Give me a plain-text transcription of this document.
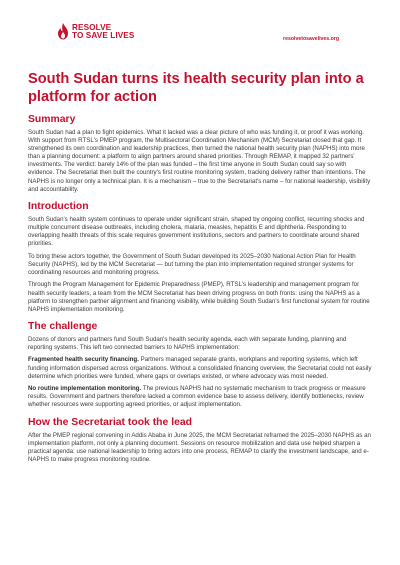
RESOLVE
TO SAVE LIVES	resolvetosavelives.org
South Sudan turns its health security plan into a platform for action
Summary

South Sudan had a plan to fight epidemics. What it lacked was a clear picture of who was funding it, or proof it was working. With support from RTSL's PMEP program, the Multisectoral Coordination Mechanism (MCM) Secretariat closed that gap. It strengthened its own coordination and leadership practices, then turned the national health security plan (NAPHS) into more than a planning document: a platform to align partners around shared priorities. Through REMAP, it mapped 32 partners' investments. The verdict: barely 14% of the plan was funded – the first time anyone in South Sudan could say so with evidence. The Secretariat then built the country's first routine monitoring system, tracking delivery rather than intentions. The NAPHS is no longer only a technical plan. It is a mechanism – true to the Secretariat's name – for national leadership, visibility and accountability.

Introduction

South Sudan's health system continues to operate under significant strain, shaped by ongoing conflict, recurring shocks and multiple concurrent disease outbreaks, including cholera, malaria, measles, hepatitis E and diphtheria. Responding to overlapping health threats of this scale requires government institutions, sectors and partners to coordinate around shared priorities.

To bring these actors together, the Government of South Sudan developed its 2025–2030 National Action Plan for Health Security (NAPHS), led by the MCM Secretariat — but turning the plan into implementation required stronger systems for coordinating resources and monitoring progress.

Through the Program Management for Epidemic Preparedness (PMEP), RTSL's leadership and management program for health security leaders, a team from the MCM Secretariat has been driving progress on both fronts: using the NAPHS as a platform to strengthen partner alignment and financing visibility, while building South Sudan's first functional system for routine NAPHS implementation monitoring.

The challenge

Dozens of donors and partners fund South Sudan's health security agenda, each with separate funding, planning and reporting systems. This left two connected barriers to NAPHS implementation:

Fragmented health security financing. Partners managed separate grants, workplans and reporting systems, which left funding information dispersed across organizations. Without a consolidated financing overview, the Secretariat could not easily determine which priorities were funded, where gaps or overlaps existed, or where advocacy was most needed.

No routine implementation monitoring. The previous NAPHS had no systematic mechanism to track progress or measure results. Government and partners therefore lacked a common evidence base to assess delivery, identify bottlenecks, review whether resources were supporting agreed priorities, or adjust implementation.

How the Secretariat took the lead

After the PMEP regional convening in Addis Ababa in June 2025, the MCM Secretariat reframed the 2025–2030 NAPHS as an implementation platform, not only a planning document. Sessions on resource mobilization and data use helped sharpen a practical agenda: use national leadership to bring actors into one process, REMAP to clarify the investment landscape, and e-NAPHS to make progress monitoring routine.
